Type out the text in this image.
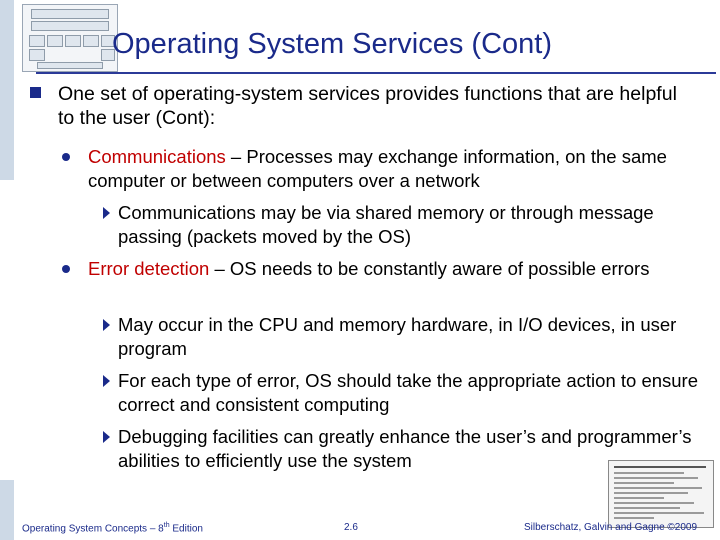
Operating System Services (Cont)
One set of operating-system services provides functions that are helpful to the user (Cont):
Communications – Processes may exchange information, on the same computer or between computers over a network
Communications may be via shared memory or through message passing (packets moved by the OS)
Error detection – OS needs to be constantly aware of possible errors
May occur in the CPU and memory hardware, in I/O devices, in user program
For each type of error, OS should take the appropriate action to ensure correct and consistent computing
Debugging facilities can greatly enhance the user’s and programmer’s abilities to efficiently use the system
Operating System Concepts – 8th Edition	2.6	Silberschatz, Galvin and Gagne ©2009
